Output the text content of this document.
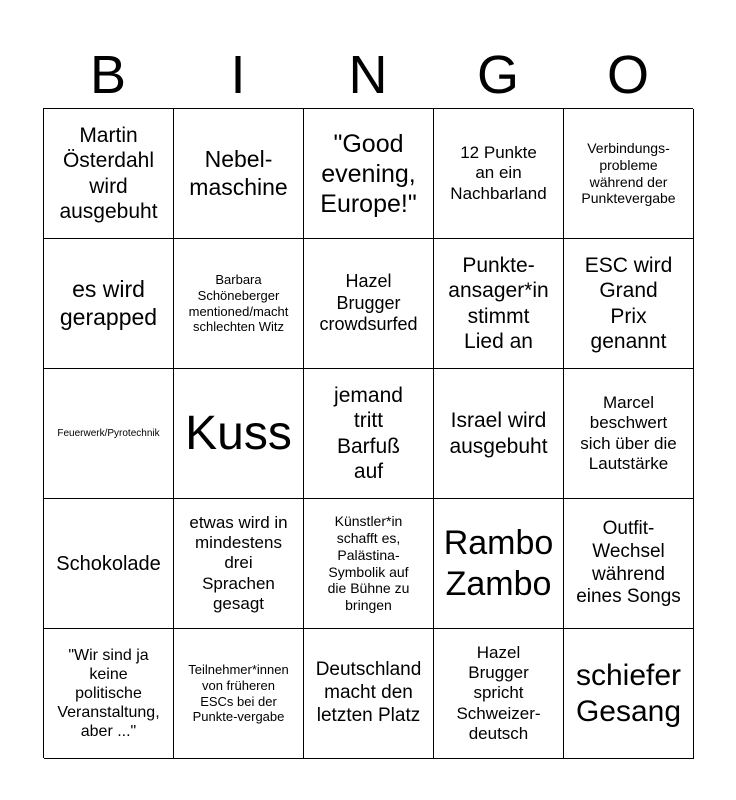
B	I	N	G	O
Martin
Österdahl
wird
ausgebuht
Nebel-
maschine
"Good
evening,
Europe!"
12 Punkte
an ein
Nachbarland
Verbindungs-
probleme
während der
Punktevergabe
es wird
gerapped
Barbara
Schöneberger
mentioned/macht
schlechten Witz
Hazel
Brugger
crowdsurfed
Punkte-
ansager*in
stimmt
Lied an
ESC wird
Grand
Prix
genannt
Feuerwerk/Pyrotechnik Kuss
jemand
tritt
Barfuß
auf
Israel wird
ausgebuht
Marcel
beschwert
sich über die
Lautstärke
Schokolade
etwas wird in
mindestens
drei
Sprachen
gesagt
Künstler*in
schafft es,
Palästina-
Symbolik auf
die Bühne zu
bringen
Rambo
Zambo
Outfit-
Wechsel
während
eines Songs
"Wir sind ja
keine
politische
Veranstaltung,
aber ..."
Teilnehmer*innen
von früheren
ESCs bei der
Punkte-vergabe
Deutschland
macht den
letzten Platz
Hazel
Brugger
spricht
Schweizer-
deutsch
schiefer
Gesang
